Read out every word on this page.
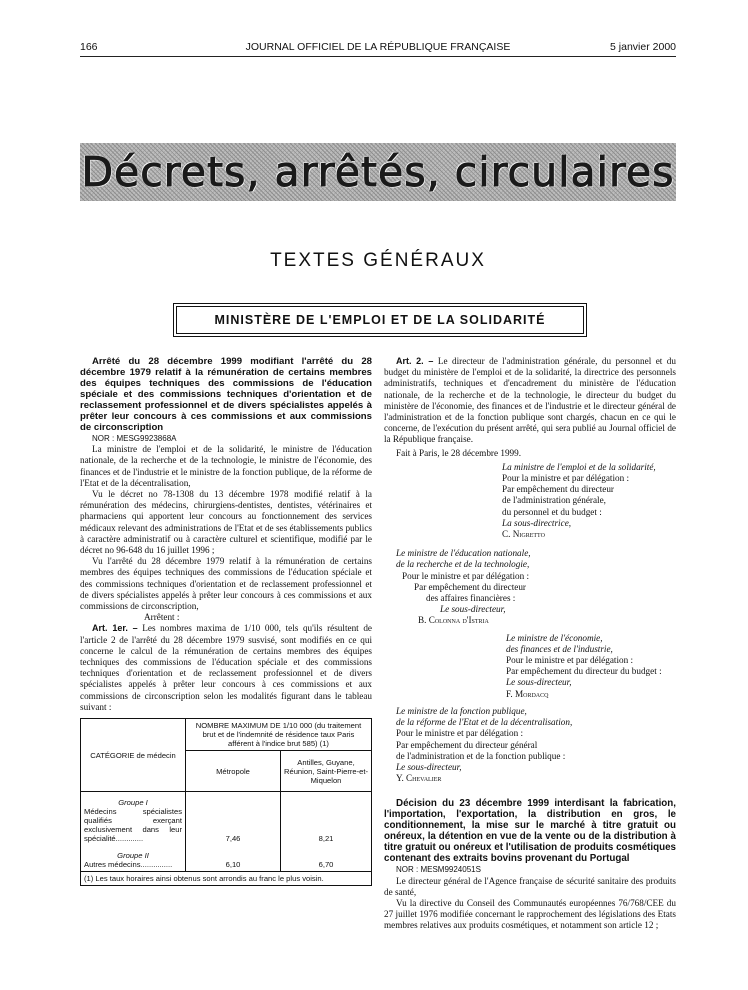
166	JOURNAL OFFICIEL DE LA RÉPUBLIQUE FRANÇAISE	5 janvier 2000
Décrets, arrêtés, circulaires
TEXTES GÉNÉRAUX
MINISTÈRE DE L'EMPLOI ET DE LA SOLIDARITÉ

Arrêté du 28 décembre 1999 modifiant l'arrêté du 28 décembre 1979 relatif à la rémunération de certains membres des équipes techniques des commissions de l'éducation spéciale et des commissions techniques d'orientation et de reclassement professionnel et de divers spécialistes appelés à prêter leur concours à ces commissions et aux commissions de circonscription

NOR : MESG9923868A

La ministre de l'emploi et de la solidarité, le ministre de l'éducation nationale, de la recherche et de la technologie, le ministre de l'économie, des finances et de l'industrie et le ministre de la fonction publique, de la réforme de l'Etat et de la décentralisation,

Vu le décret no 78-1308 du 13 décembre 1978 modifié relatif à la rémunération des médecins, chirurgiens-dentistes, dentistes, vétérinaires et pharmaciens qui apportent leur concours au fonctionnement des services médicaux relevant des administrations de l'Etat et de ses établissements publics à caractère administratif ou à caractère culturel et scientifique, modifié par le décret no 96-648 du 16 juillet 1996 ;

Vu l'arrêté du 28 décembre 1979 relatif à la rémunération de certains membres des équipes techniques des commissions de l'éducation spéciale et des commissions techniques d'orientation et de reclassement professionnel et de divers spécialistes appelés à prêter leur concours à ces commissions et aux commissions de circonscription,

Arrêtent :

Art. 1er. – Les nombres maxima de 1/10 000, tels qu'ils résultent de l'article 2 de l'arrêté du 28 décembre 1979 susvisé, sont modifiés en ce qui concerne le calcul de la rémunération de certains membres des équipes techniques des commissions de l'éducation spéciale et des commissions techniques d'orientation et de reclassement professionnel et de divers spécialistes appelés à prêter leur concours à ces commissions et aux commissions de circonscription selon les modalités figurant dans le tableau suivant :

CATÉGORIE de médecin	NOMBRE MAXIMUM DE 1/10 000 (du traitement brut et de l'indemnité de résidence taux Paris afférent à l'indice brut 585) (1)	
	Métropole	Antilles, Guyane, Réunion, Saint-Pierre-et-Miquelon

Groupe I
Médecins spécialistes qualifiés exerçant exclusivement dans leur spécialité.............	7,46	8,21

Groupe II
Autres médecins...............	6,10	6,70
(1) Les taux horaires ainsi obtenus sont arrondis au franc le plus voisin.		

Art. 2. – Le directeur de l'administration générale, du personnel et du budget du ministère de l'emploi et de la solidarité, la directrice des personnels administratifs, techniques et d'encadrement du ministère de l'éducation nationale, de la recherche et de la technologie, le directeur du budget du ministère de l'économie, des finances et de l'industrie et le directeur général de l'administration et de la fonction publique sont chargés, chacun en ce qui le concerne, de l'exécution du présent arrêté, qui sera publié au Journal officiel de la République française.

Fait à Paris, le 28 décembre 1999.

La ministre de l'emploi et de la solidarité,

Pour la ministre et par délégation :

Par empêchement du directeur

de l'administration générale,

du personnel et du budget :

La sous-directrice,

C. Nigretto

Le ministre de l'éducation nationale,

de la recherche et de la technologie,

Pour le ministre et par délégation :

Par empêchement du directeur

des affaires financières :

Le sous-directeur,

B. Colonna d'Istria

Le ministre de l'économie,

des finances et de l'industrie,

Pour le ministre et par délégation :

Par empêchement du directeur du budget :

Le sous-directeur,

F. Mordacq

Le ministre de la fonction publique,

de la réforme de l'Etat et de la décentralisation,

Pour le ministre et par délégation :

Par empêchement du directeur général

de l'administration et de la fonction publique :

Le sous-directeur,

Y. Chevalier

Décision du 23 décembre 1999 interdisant la fabrication, l'importation, l'exportation, la distribution en gros, le conditionnement, la mise sur le marché à titre gratuit ou onéreux, la détention en vue de la vente ou de la distribution à titre gratuit ou onéreux et l'utilisation de produits cosmétiques contenant des extraits bovins provenant du Portugal

NOR : MESM9924051S

Le directeur général de l'Agence française de sécurité sanitaire des produits de santé,

Vu la directive du Conseil des Communautés européennes 76/768/CEE du 27 juillet 1976 modifiée concernant le rapprochement des législations des Etats membres relatives aux produits cosmétiques, et notamment son article 12 ;
